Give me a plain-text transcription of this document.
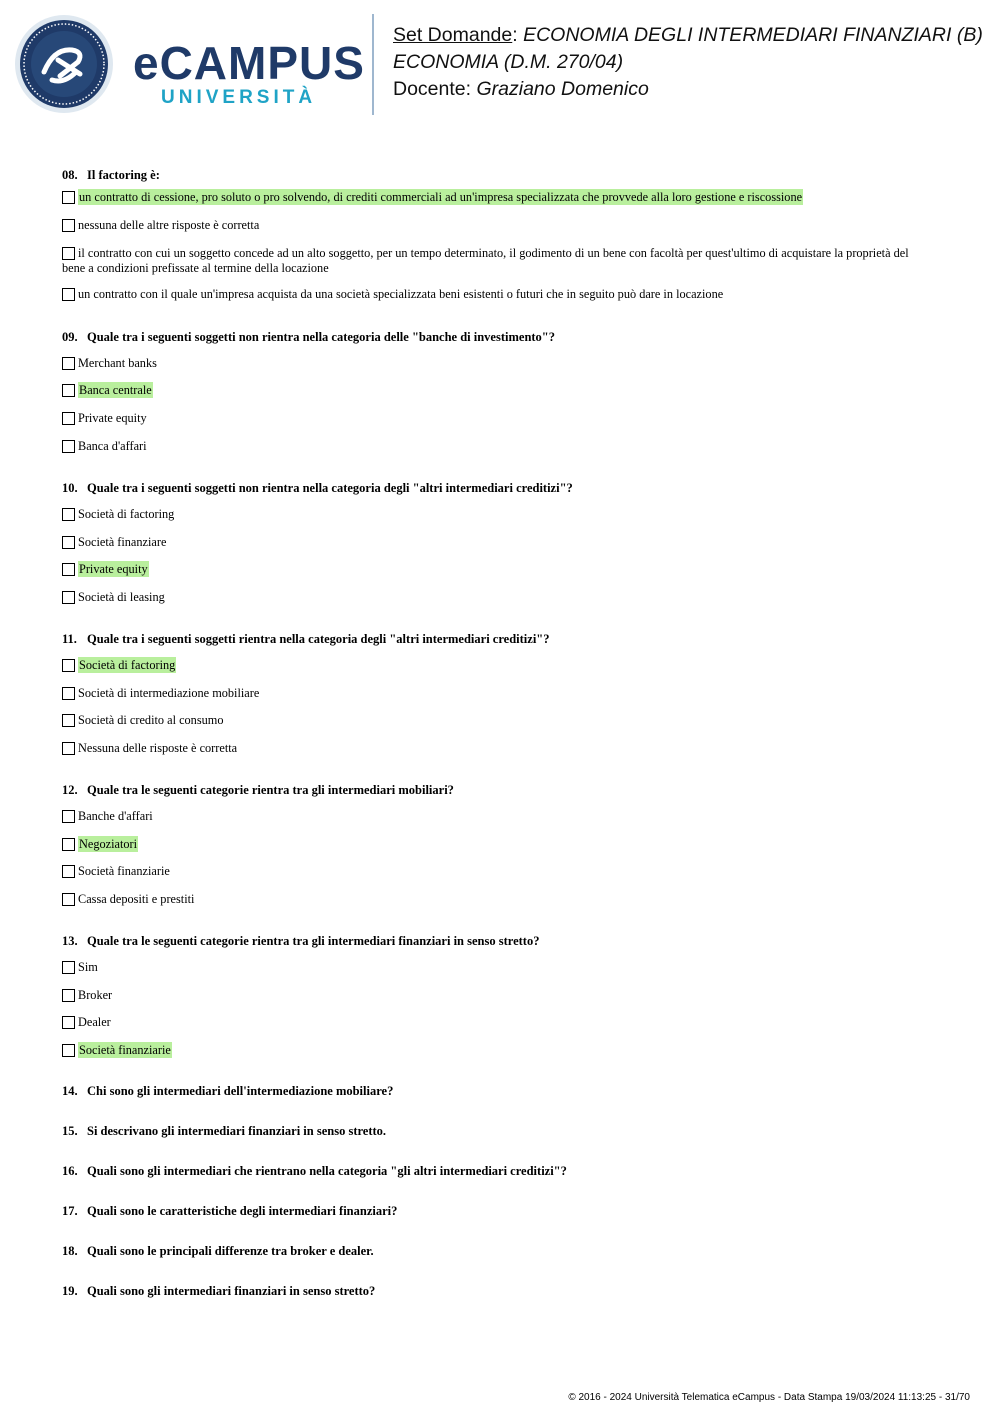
eCAMPUS
UNIVERSITÀ
Set Domande: ECONOMIA DEGLI INTERMEDIARI FINANZIARI (B)
ECONOMIA (D.M. 270/04)
Docente: Graziano Domenico
08. Il factoring è:
un contratto di cessione, pro soluto o pro solvendo, di crediti commerciali ad un'impresa specializzata che provvede alla loro gestione e riscossione
nessuna delle altre risposte è corretta
il contratto con cui un soggetto concede ad un alto soggetto, per un tempo determinato, il godimento di un bene con facoltà per quest'ultimo di acquistare la proprietà del bene a condizioni prefissate al termine della locazione
un contratto con il quale un'impresa acquista da una società specializzata beni esistenti o futuri che in seguito può dare in locazione
09. Quale tra i seguenti soggetti non rientra nella categoria delle "banche di investimento"?
Merchant banks
Banca centrale
Private equity
Banca d'affari
10. Quale tra i seguenti soggetti non rientra nella categoria degli "altri intermediari creditizi"?
Società di factoring
Società finanziare
Private equity
Società di leasing
11. Quale tra i seguenti soggetti rientra nella categoria degli "altri intermediari creditizi"?
Società di factoring
Società di intermediazione mobiliare
Società di credito al consumo
Nessuna delle risposte è corretta
12. Quale tra le seguenti categorie rientra tra gli intermediari mobiliari?
Banche d'affari
Negoziatori
Società finanziarie
Cassa depositi e prestiti
13. Quale tra le seguenti categorie rientra tra gli intermediari finanziari in senso stretto?
Sim
Broker
Dealer
Società finanziarie
14. Chi sono gli intermediari dell'intermediazione mobiliare?
15. Si descrivano gli intermediari finanziari in senso stretto.
16. Quali sono gli intermediari che rientrano nella categoria "gli altri intermediari creditizi"?
17. Quali sono le caratteristiche degli intermediari finanziari?
18. Quali sono le principali differenze tra broker e dealer.
19. Quali sono gli intermediari finanziari in senso stretto?
© 2016 - 2024 Università Telematica eCampus - Data Stampa 19/03/2024 11:13:25 - 31/70
